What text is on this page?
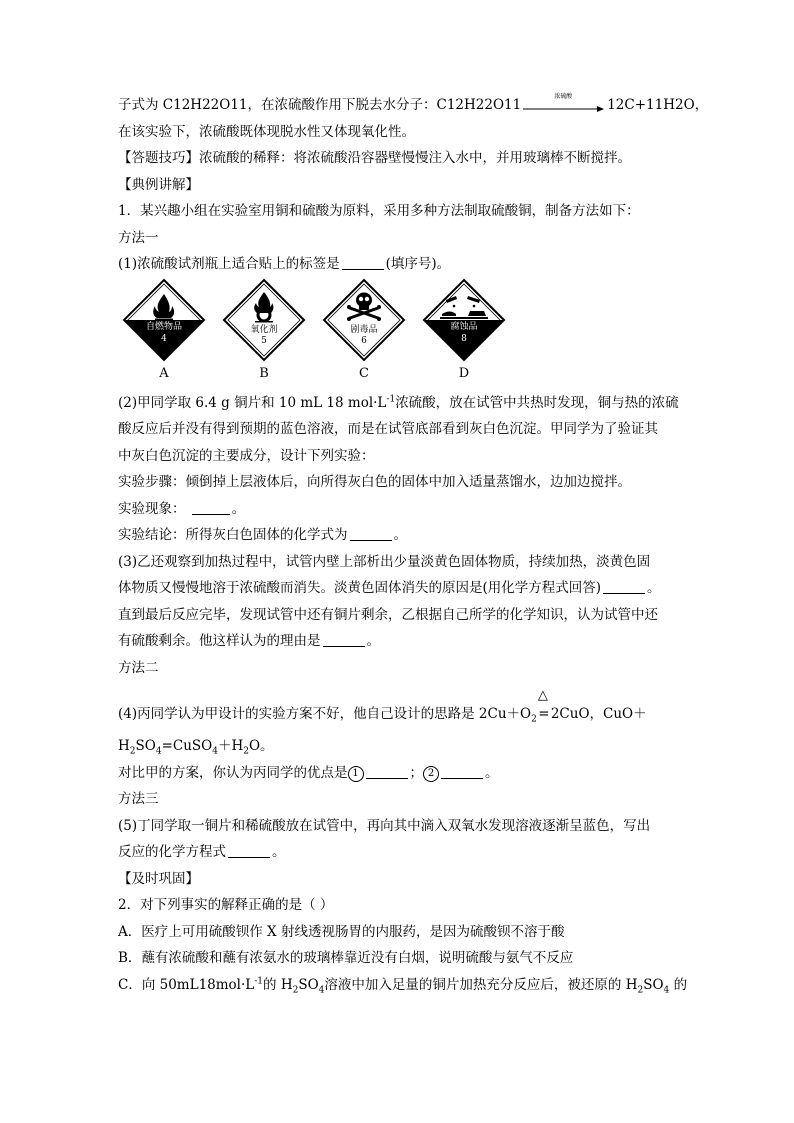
子式为 C12H22O11，在浓硫酸作用下脱去水分子：C12H22O11
浓硫酸
12C+11H2O，
在该实验下，浓硫酸既体现脱水性又体现氧化性。
【答题技巧】浓硫酸的稀释：将浓硫酸沿容器壁慢慢注入水中，并用玻璃棒不断搅拌。
【典例讲解】
1．某兴趣小组在实验室用铜和硫酸为原料，采用多种方法制取硫酸铜，制备方法如下：
方法一
(1)浓硫酸试剂瓶上适合贴上的标签是	(填序号)。
自燃物品
4
A
氧化剂
5
B
剧毒品
6
C
腐蚀品
8
D
(2)甲同学取 6.4 g 铜片和 10 mL 18 $mol\cdot L^{-1}$浓硫酸，放在试管中共热时发现，铜与热的浓硫
酸反应后并没有得到预期的蓝色溶液，而是在试管底部看到灰白色沉淀。甲同学为了验证其
中灰白色沉淀的主要成分，设计下列实验：
实验步骤：倾倒掉上层液体后，向所得灰白色的固体中加入适量蒸馏水，边加边搅拌。
实验现象：	。
实验结论：所得灰白色固体的化学式为	。
(3)乙还观察到加热过程中，试管内壁上部析出少量淡黄色固体物质，持续加热，淡黄色固
体物质又慢慢地溶于浓硫酸而消失。淡黄色固体消失的原因是(用化学方程式回答)	。
直到最后反应完毕，发现试管中还有铜片剩余，乙根据自己所学的化学知识，认为试管中还
有硫酸剩余。他这样认为的理由是	。
方法二
(4)丙同学认为甲设计的实验方案不好，他自己设计的思路是 $2Cu+O_2$
△
=2CuO，CuO＋
$H_2SO_4=CuSO_4+H_2O$。
对比甲的方案，你认为丙同学的优点是 1	； 2	。
方法三
(5)丁同学取一铜片和稀硫酸放在试管中，再向其中滴入双氧水发现溶液逐渐呈蓝色，写出
反应的化学方程式	。
【及时巩固】
2．对下列事实的解释正确的是（ ）
A．医疗上可用硫酸钡作 X 射线透视肠胃的内服药，是因为硫酸钡不溶于酸
B．蘸有浓硫酸和蘸有浓氨水的玻璃棒靠近没有白烟，说明硫酸与氨气不反应
C．向 $50mL18mol\cdot L^{-1}$的 $H_2SO_4$溶液中加入足量的铜片加热充分反应后，被还原的 $H_2SO_4$ 的
